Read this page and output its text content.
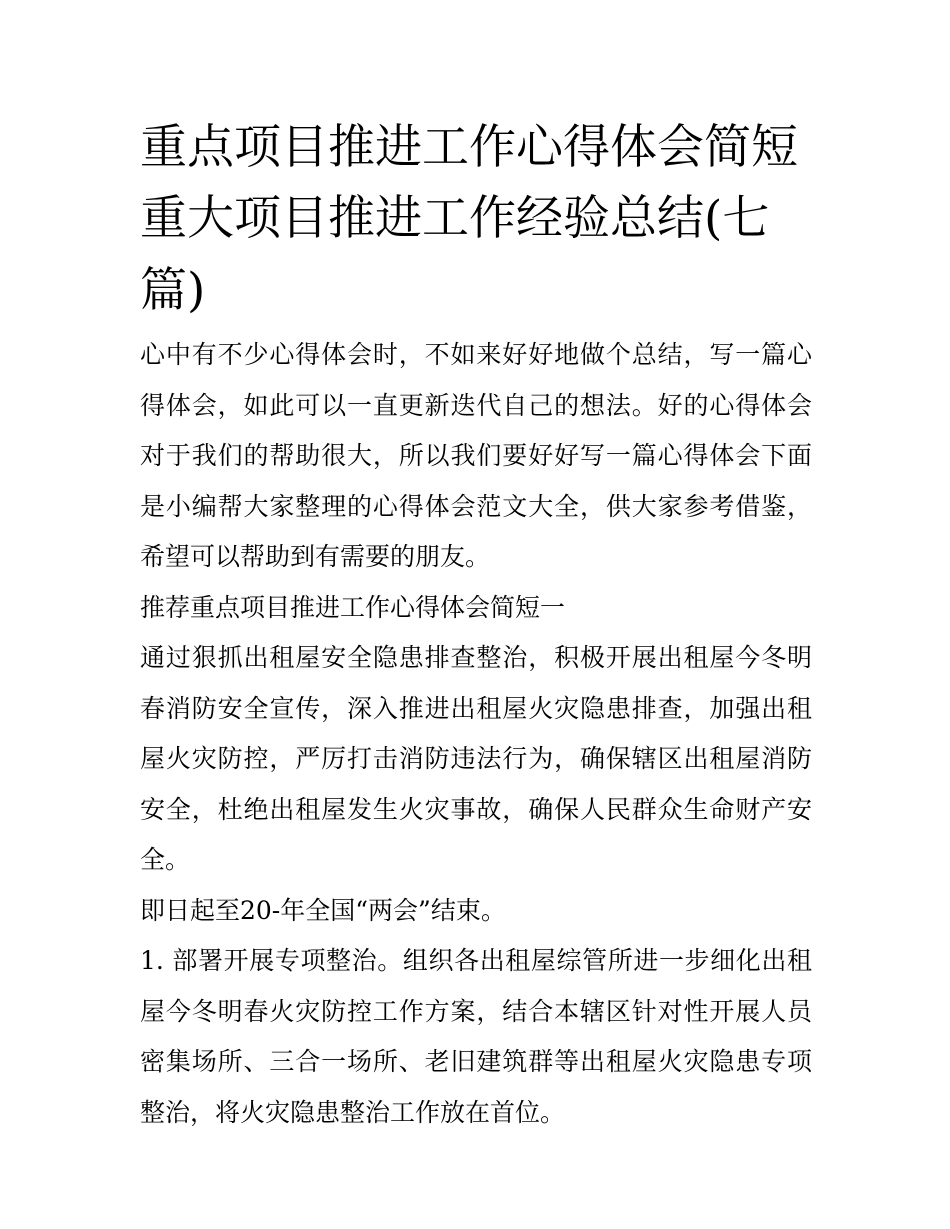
重点项目推进工作心得体会简短 重大项目推进工作经验总结(七篇)

心中有不少心得体会时，不如来好好地做个总结，写一篇心得体会，如此可以一直更新迭代自己的想法。好的心得体会对于我们的帮助很大，所以我们要好好写一篇心得体会下面是小编帮大家整理的心得体会范文大全，供大家参考借鉴，希望可以帮助到有需要的朋友。

推荐重点项目推进工作心得体会简短一

通过狠抓出租屋安全隐患排查整治，积极开展出租屋今冬明春消防安全宣传，深入推进出租屋火灾隐患排查，加强出租屋火灾防控，严厉打击消防违法行为，确保辖区出租屋消防安全，杜绝出租屋发生火灾事故，确保人民群众生命财产安全。

即日起至20-年全国“两会”结束。

1. 部署开展专项整治。组织各出租屋综管所进一步细化出租屋今冬明春火灾防控工作方案，结合本辖区针对性开展人员密集场所、三合一场所、老旧建筑群等出租屋火灾隐患专项整治，将火灾隐患整治工作放在首位。
